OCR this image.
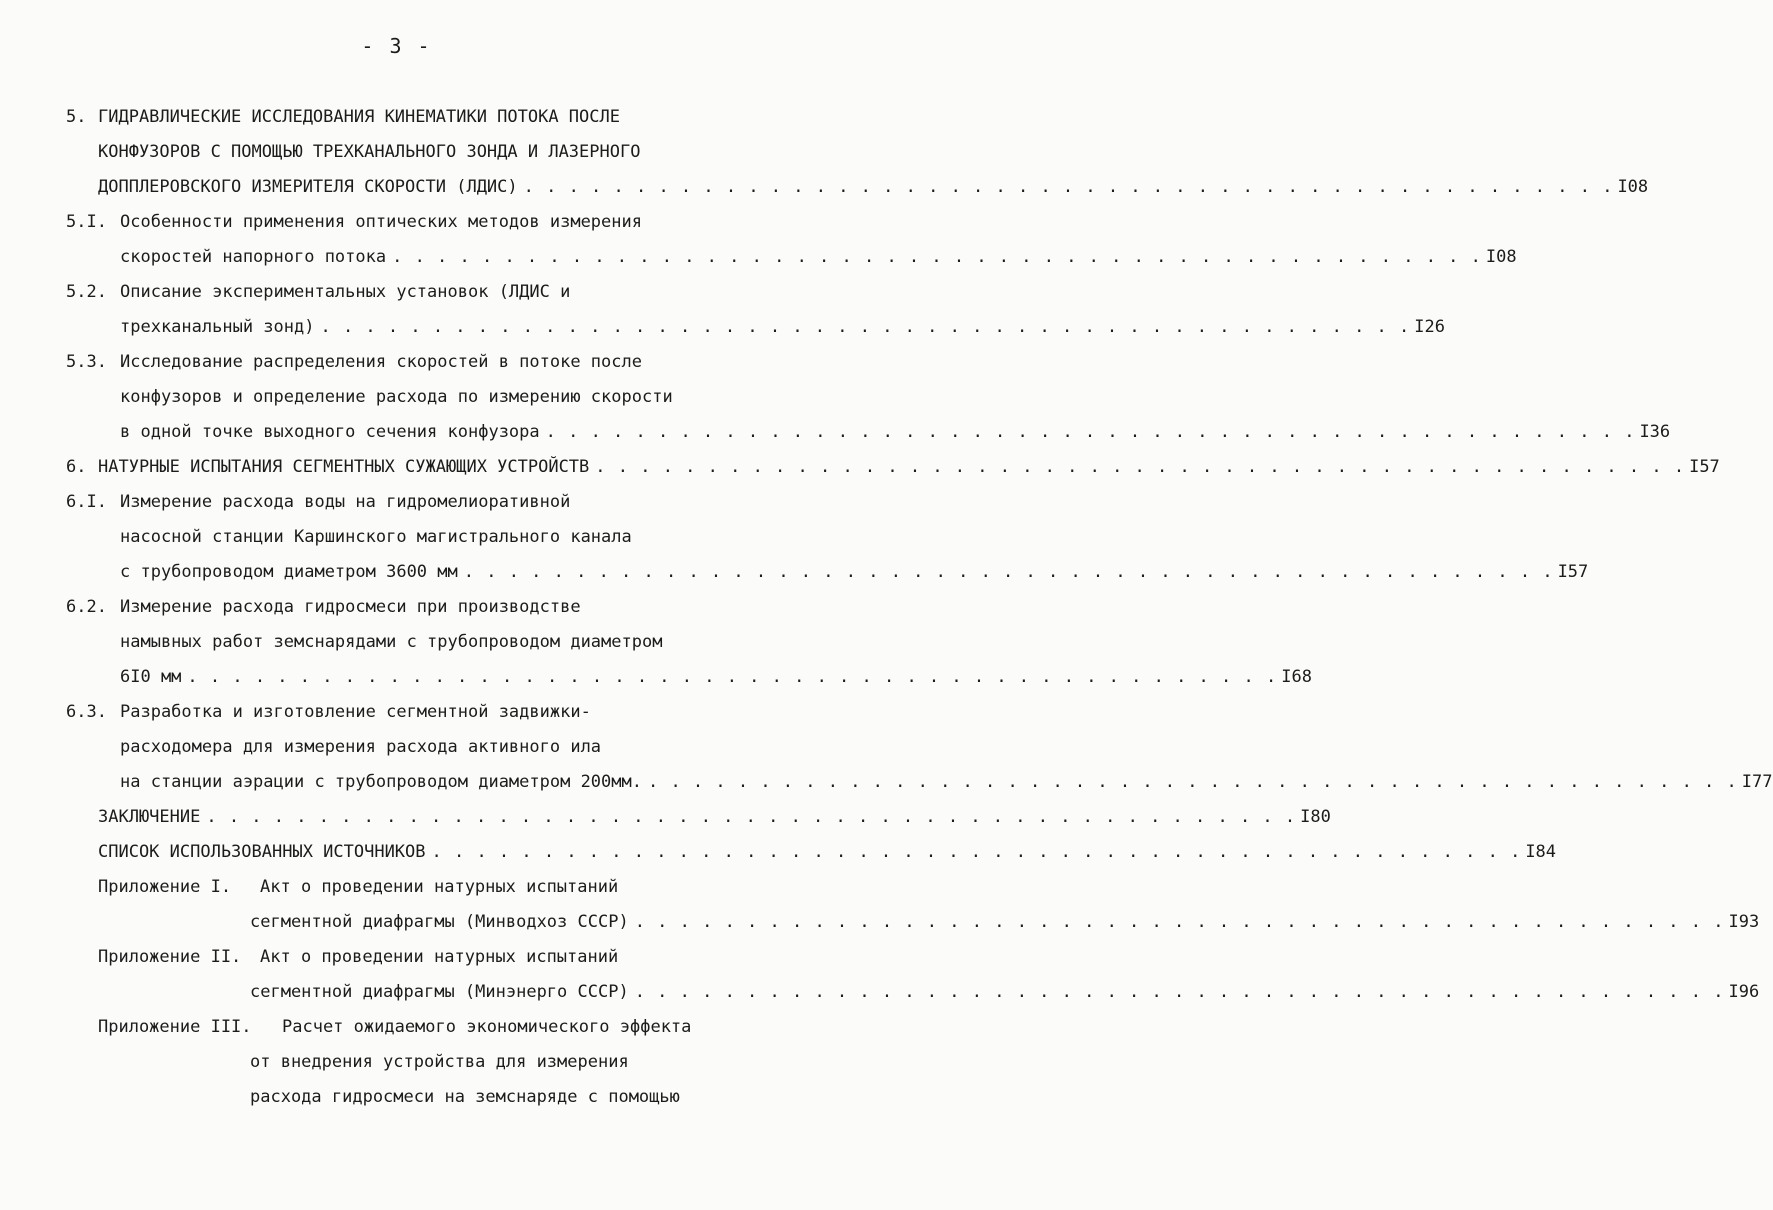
- 3 -
5. ГИДРАВЛИЧЕСКИЕ ИССЛЕДОВАНИЯ КИНЕМАТИКИ ПОТОКА ПОСЛЕ
КОНФУЗОРОВ С ПОМОЩЬЮ ТРЕХКАНАЛЬНОГО ЗОНДА И ЛАЗЕРНОГО
ДОППЛЕРОВСКОГО ИЗМЕРИТЕЛЯ СКОРОСТИ (ЛДИС) . . . . . . . . . . . . . . . . . . . . . . . . . . . . . . . . . . . . . . . . . . . . . . . . . I08
5.I. Особенности применения оптических методов измерения
скоростей напорного потока . . . . . . . . . . . . . . . . . . . . . . . . . . . . . . . . . . . . . . . . . . . . . . . . . I08
5.2. Описание экспериментальных установок (ЛДИС и
трехканальный зонд) . . . . . . . . . . . . . . . . . . . . . . . . . . . . . . . . . . . . . . . . . . . . . . . . . I26
5.3. Исследование распределения скоростей в потоке после
конфузоров и определение расхода по измерению скорости
в одной точке выходного сечения конфузора . . . . . . . . . . . . . . . . . . . . . . . . . . . . . . . . . . . . . . . . . . . . . . . . . I36
6. НАТУРНЫЕ ИСПЫТАНИЯ СЕГМЕНТНЫХ СУЖАЮЩИХ УСТРОЙСТВ . . . . . . . . . . . . . . . . . . . . . . . . . . . . . . . . . . . . . . . . . . . . . . . . . I57
6.I. Измерение расхода воды на гидромелиоративной
насосной станции Каршинского магистрального канала
с трубопроводом диаметром 3600 мм . . . . . . . . . . . . . . . . . . . . . . . . . . . . . . . . . . . . . . . . . . . . . . . . . I57
6.2. Измерение расхода гидросмеси при производстве
намывных работ земснарядами с трубопроводом диаметром
6I0 мм . . . . . . . . . . . . . . . . . . . . . . . . . . . . . . . . . . . . . . . . . . . . . . . . . I68
6.3. Разработка и изготовление сегментной задвижки-
расходомера для измерения расхода активного ила
на станции аэрации с трубопроводом диаметром 200мм. . . . . . . . . . . . . . . . . . . . . . . . . . . . . . . . . . . . . . . . . . . . . . . . . . I77
ЗАКЛЮЧЕНИЕ . . . . . . . . . . . . . . . . . . . . . . . . . . . . . . . . . . . . . . . . . . . . . . . . . I80
СПИСОК ИСПОЛЬЗОВАННЫХ ИСТОЧНИКОВ . . . . . . . . . . . . . . . . . . . . . . . . . . . . . . . . . . . . . . . . . . . . . . . . . I84
Приложение I. Акт о проведении натурных испытаний
сегментной диафрагмы (Минводхоз СССР) . . . . . . . . . . . . . . . . . . . . . . . . . . . . . . . . . . . . . . . . . . . . . . . . . I93
Приложение II. Акт о проведении натурных испытаний
сегментной диафрагмы (Минэнерго СССР) . . . . . . . . . . . . . . . . . . . . . . . . . . . . . . . . . . . . . . . . . . . . . . . . . I96
Приложение III. Расчет ожидаемого экономического эффекта
от внедрения устройства для измерения
расхода гидросмеси на земснаряде с помощью
